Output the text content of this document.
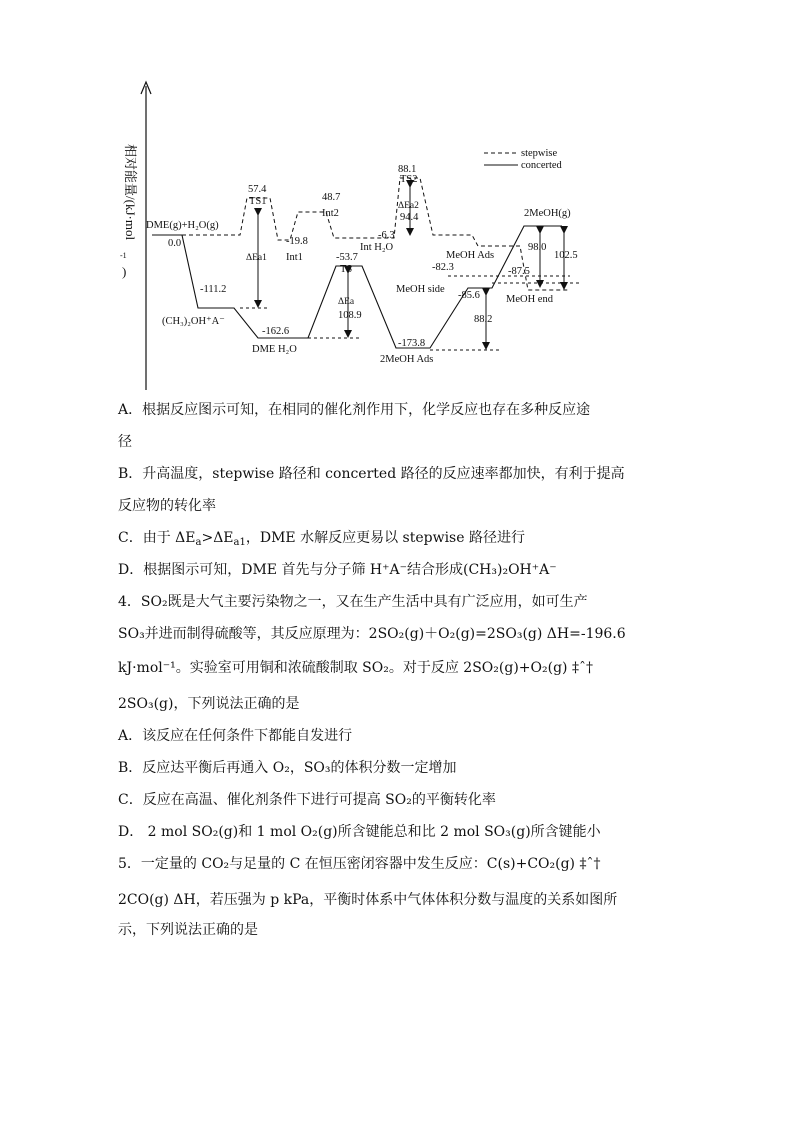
相对能量/(kJ·mol
-1
)
stepwise
concerted
DME(g)+H₂O(g)
0.0
-111.2
(CH₃)₂OH⁺A⁻
-162.6
DME H₂O
57.4
TS1
ΔEa1
-19.8
Int1
48.7
Int2
-53.7
TS
ΔEa
108.9
-6.3
Int H₂O
88.1
TS2
ΔEa2
94.4
MeOH Ads
-82.3
MeOH side
-85.6
-173.8
2MeOH Ads
88.2
-87.5
2MeOH(g)
98.0
102.5
MeOH end
A．根据反应图示可知，在相同的催化剂作用下，化学反应也存在多种反应途
径
B．升高温度，stepwise 路径和 concerted 路径的反应速率都加快，有利于提高
反应物的转化率
C．由于 $\Delta E_a>\Delta E_{a1}$，DME 水解反应更易以 stepwise 路径进行
D．根据图示可知，DME 首先与分子筛 H⁺A⁻结合形成(CH₃)₂OH⁺A⁻
4．SO₂既是大气主要污染物之一，又在生产生活中具有广泛应用，如可生产
SO₃并进而制得硫酸等，其反应原理为：2SO₂(g)＋O₂(g)=2SO₃(g) ΔH=-196.6
kJ·mol⁻¹。实验室可用铜和浓硫酸制取 SO₂。对于反应 2SO₂(g)+O₂(g) ‡ˆ†
2SO₃(g)，下列说法正确的是
A．该反应在任何条件下都能自发进行
B．反应达平衡后再通入 O₂，SO₃的体积分数一定增加
C．反应在高温、催化剂条件下进行可提高 SO₂的平衡转化率
D． 2 mol SO₂(g)和 1 mol O₂(g)所含键能总和比 2 mol SO₃(g)所含键能小
5．一定量的 CO₂与足量的 C 在恒压密闭容器中发生反应：C(s)+CO₂(g) ‡ˆ†
2CO(g) ΔH，若压强为 p kPa，平衡时体系中气体体积分数与温度的关系如图所
示，下列说法正确的是
